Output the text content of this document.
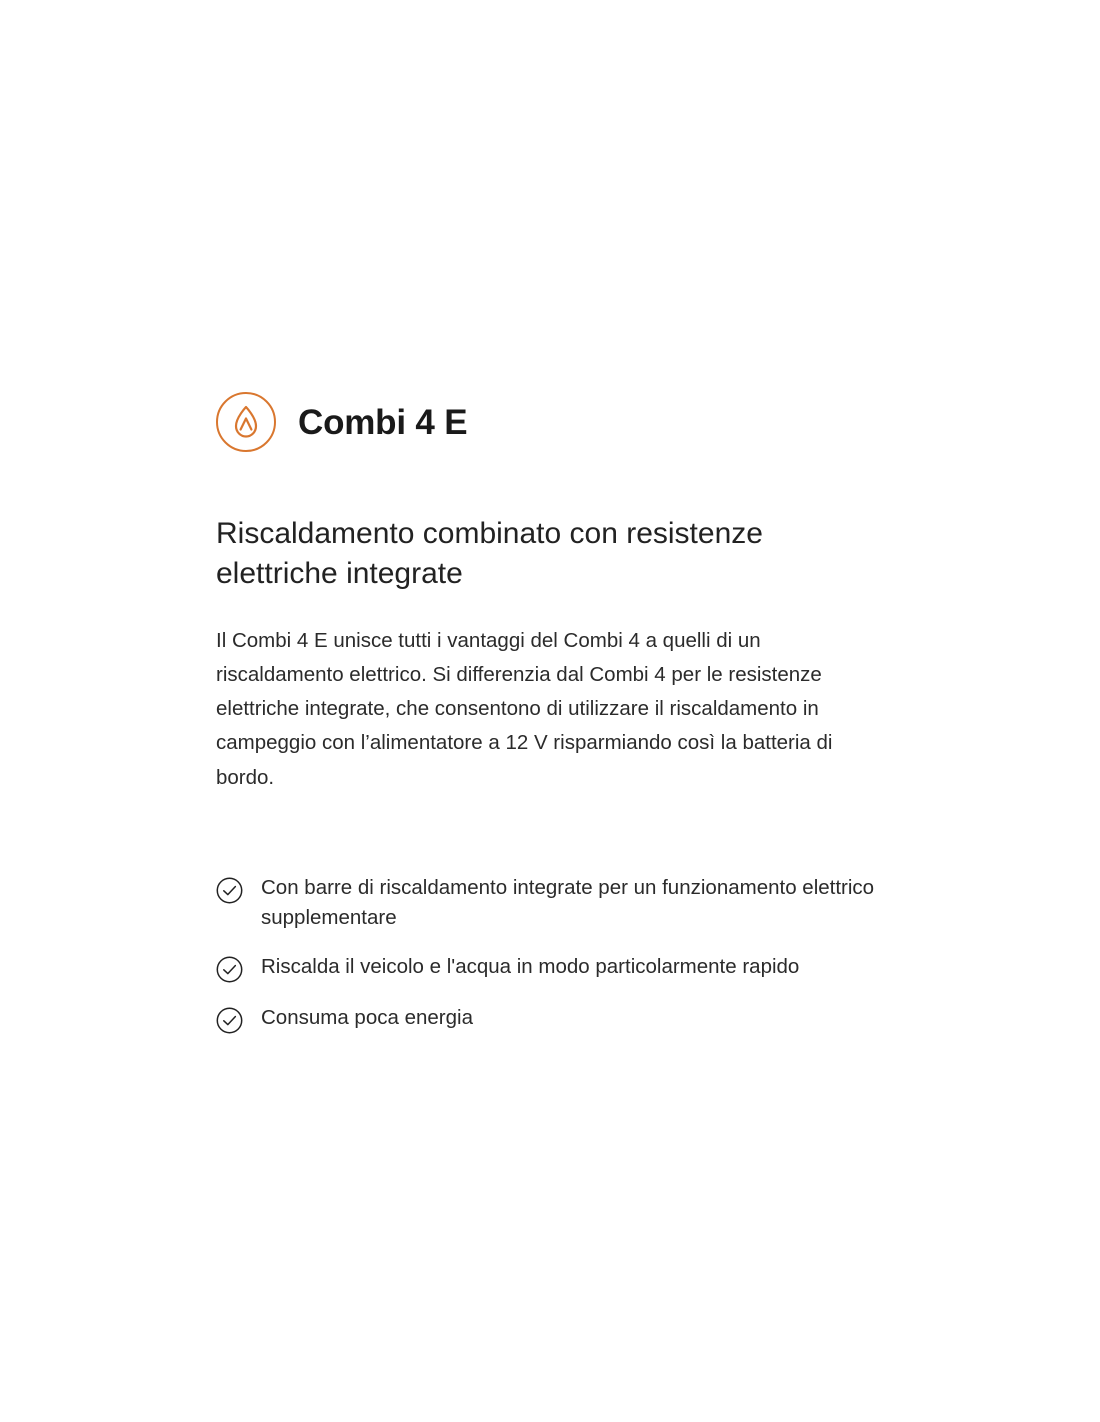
Combi 4 E
Riscaldamento combinato con resistenze elettriche integrate

Il Combi 4 E unisce tutti i vantaggi del Combi 4 a quelli di un riscaldamento elettrico. Si differenzia dal Combi 4 per le resistenze elettriche integrate, che consentono di utilizzare il riscaldamento in campeggio con l’alimentatore a 12 V risparmiando così la batteria di bordo.

Con barre di riscaldamento integrate per un funzionamento elettrico supplementare
Riscalda il veicolo e l'acqua in modo particolarmente rapido
Consuma poca energia
